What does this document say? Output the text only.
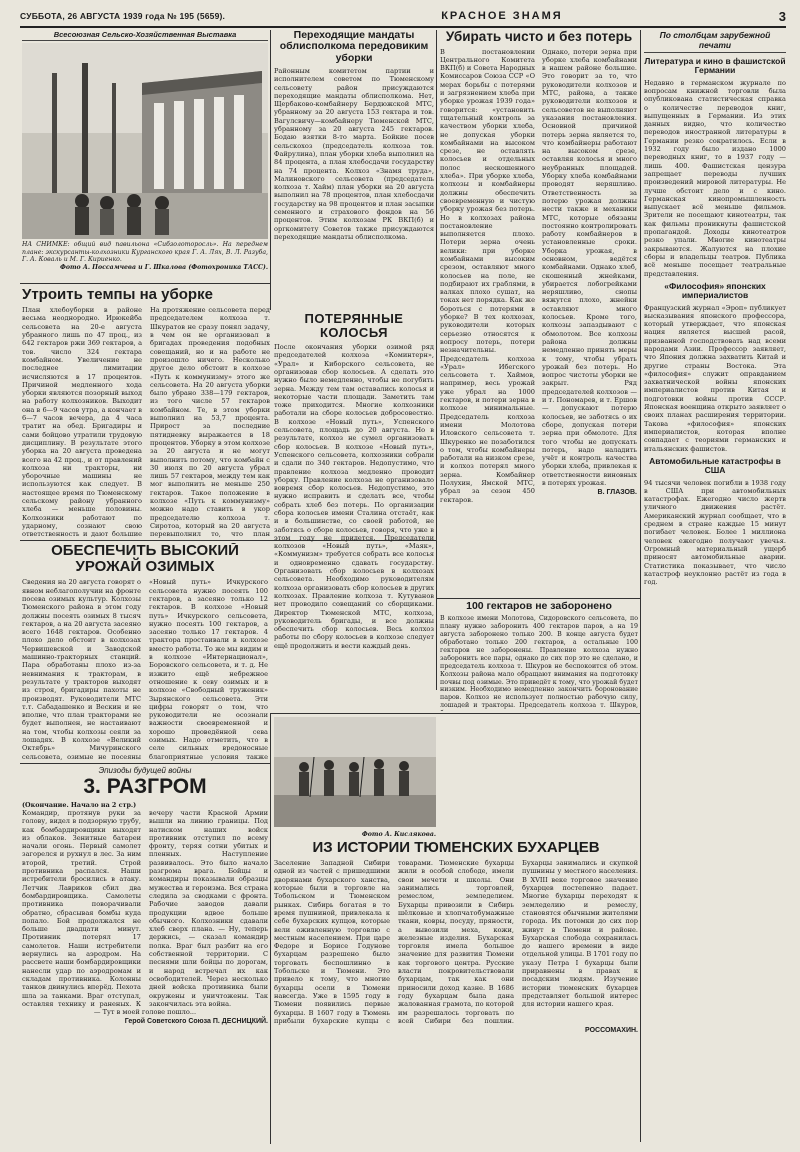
СУББОТА, 26 АВГУСТА 1939 года № 195 (5659).	КРАСНОЕ ЗНАМЯ	3
Всесоюзная Сельско-Хозяйственная Выставка
НА СНИМКЕ: общий вид павильона «Сибзолоторосль». На переднем плане: экскурсанты-колхозники Курганского края Г. А. Лях, В. Л. Разуба, Г. А. Коваль и М. Г. Кириенко.
Фото А. Поссамчева и Г. Шкалова (Фотохроника ТАСС).
Переходящие мандаты облисполкома передовиким уборки

Районным комитетом партии и исполнителем советом по Тюменскому сельсовету район присуждаются переходящие мандаты облисполкома. Нет, Щербаково-комбайнеру Бердюжской МТС, убранному за 20 августа 153 гектара и тов. Вагулсвичу—комбайнеру Тюменской МТС, убранному за 20 августа 245 гектаров. Бодаю взятки 8-то марта. Бойкие посев сельскохоз (председатель колхоза тов. Файрулина), план уборки хлеба выполнил на 84 процента, а план хлебосдачи государству на 74 процента. Колхоз «Знамя труда», Малиновского сельсовета (председатель колхоза т. Хайм) план уборки на 20 августа выполнил на 78 процентов, план хлебосдачи государству на 98 процентов и план засыпки семенного и страхового фондов на 56 процентов. Этим колхозам РК ВКП(б) и оргкомитету Советов также присуждаются переходящие мандаты облисполкома.

ПОТЕРЯННЫЕ КОЛОСЬЯ

После окончания уборки озимой ряд председателей колхоза «Коминтерн», «Урал» и Киборского сельсовета, не организовав сбор колосьев. А сделать это нужно было немедленно, чтобы не погубить зерна. Между тем там оставались колосья и некоторые части площади. Заметить там тоже приходится. Многие колхозники работали на сборе колосьев добросовестно. В колхозе «Новый путь», Успенского сельсовета, площадь до 20 августа. Но в результате, колхоз не сумел организовать сбор колосьев. В колхозе «Новый путь», Успенского сельсовета, колхозники собрали и сдали по 340 гектаров. Недопустимо, что правление колхоза медленно проводит уборку. Правление колхоза не организовало вовремя сбор колосьев. Недопустимо, это нужно исправить и сделать все, чтобы собрать хлеб без потерь. По организации сбора колосьев имени Сталина отстаёт, как и в большинстве, со своей работой, не заботясь о сборе колосьев, говоря, что уже в этом году не придется. Председатели колхозов «Новый путь», «Маяк», «Коммунизм» требуется собрать все колосья и одновременно сдавать государству. Организовать сбор колосьев в колхозах сельсовета. Необходимо руководителям колхоза организовать сбор колосьев в других колхозах. Правление колхоза т. Кутуванов нет проводило совещаний со сборщиками. Директор Тюменской МТС, колхоза, руководитель бригады, и все должны обеспечить сбор колосьев. Весь колхоз работы по сбору колосьев в колхозе следует ещё продолжить и вести каждый день.

Утроить темпы на уборке

План хлебоуборки в районе весьма неоднородно. Ирюкейба сельсовета на 20-е августа убранного лишь по 47 проц., из 642 гектаров ржи 369 гектаров, а тов. число 324 гектара комбайном. Увеличение не последнее лимитации исчисляются в 17 процентов. Причиной медленного хода уборки являются позорный выход на работу колхозников. Выходит она в 6—9 часов утра, а кончает в 6—7 часов вечера, да 4 часа тратит на обед. Бригадиры и сами бойцово утратили трудовую дисциплину. В результате этого уборка на 20 августа проведена всего на 42 проц., и от правлений колхоза ни тракторы, ни уборочные машины не используются как следует. В настоящее время по Тюменскому сельскому району убранного хлеба — меньше половины. Колхозники работают по ударному, сознают свою ответственность и дают большие

На протяжение сельсовета перед председателем колхоза т. Шкуратов не сразу понял задачу, в чем он не организовал в бригадах проведения подобных совещаний, но и на работе не произошло ничего. Несколько другое дело обстоит в колхозе «Путь к коммунизму» этого же сельсовета. На 20 августа уборки было убрано 338—179 гектаров, из того числе 57 гектаров комбайном. Те, в этом уборки выполнил на 53,7 процента. Прирост за последние пятидневку выражается в 18 процентов. Уборку в этом колхозе за 20 августа и не могут выполнить потому, что комбайн с 30 июля по 20 августа убрал лишь 57 гектаров, между тем как мог выполнить не меньше 250 гектаров. Такое положение в колхозе «Путь к коммунизму» можно надо ставить в укор председателю колхоза т. Сиротоа, который на 20 августа перевыполнил то, что план

ОБЕСПЕЧИТЬ ВЫСОКИЙ УРОЖАЙ ОЗИМЫХ

Сведения на 20 августа говорят о явном неблагополучии на фронте посева озимых культур. Колхозы Тюменского района в этом году должны посеять озимых 8 тысяч гектаров, а на 20 августа засеяно всего 1648 гектаров. Особенно плохо дело обстоит в колхозах Червишевской и Заводской машинно-тракторных станций. Пара обработаны плохо из-за невнимания к тракторам, в результате у тракторов выходят из строя, бригадиры пахоты не производят. Руководители МТС т.т. Сабадашенко и Вескин и не вполне, что план тракторами не будет выполнен, не настаивают на том, чтобы колхозы сеяли за лошадях. В колхозе «Великий Октябрь» Мичуринского сельсовета, озимые не посеяны «Новый путь» Ичкурского сельсовета нужно посеять 100 гектаров, а засеяно только 12 гектаров. В колхозе «Новый путь» Ичкурского сельсовета, нужно посеять 100 гектаров, а засеяно только 17 гектаров. 4 трактора простаивали в колхозе вместо работы. То же мы видим и в колхозе «Интернационал», Боровского сельсовета, и т. д. Не изжито ещё небрежное отношение к севу озимых и в колхозе «Свободный труженик» Зырянского сельсовета. Эти цифры говорят о том, что руководители не осознали важности своевременной и хорошо проведённой сева озимых. Надо отметить, что в селе сильных вредоносные благоприятные условия также

Убирать чисто и без потерь

В постановлении Центрального Комитета ВКП(б) и Совета Народных Комиссаров Союза ССР «О мерах борьбы с потерями и загрязнением хлеба при уборке урожая 1939 года» говорится: «установить тщательный контроль за качеством уборки хлеба, не допуская уборки комбайнами на высоком срезе, не оставлять колосьев и отдельных полос нескошенного хлеба». При уборке хлеба, колхозы и комбайнеры должны обеспечить своевременную и чистую уборку урожая без потерь. Но в колхозах района постановление выполняется плохо. Потери зерна очень велики: при уборке комбайнами высоким срезом, оставляют много колосьев на поле, не подбирают их граблями, в валках плохо сушат, на токах нет порядка. Как же бороться с потерями в уборке? В тех колхозах, руководители которых серьезно относятся к вопросу потерь, потери незначительны. Председатель колхоза «Урал» Ибегского сельсовета т. Хаймов, например, весь урожай уже убрал на 1000 гектаров, и потери зерна в колхозе минимальные. Председатель колхоза имени Молотова Иловского сельсовета т. Шкуренко не позаботился о том, чтобы комбайнеры работали на низком срезе, и колхоз потерял много зерна. Комбайнер Полухин, Ямской МТС, убрал за сезон 450 гектаров.

Однако, потери зерна при уборке хлеба комбайнами в нашем районе большие. Это говорит за то, что руководители колхозов и МТС, района, а также руководители колхозов и сельсоветов не выполняют указания постановления. Основной причиной потерь зерна является то, что комбайнеры работают на высоком срезе, оставляя колосья и много неубранных площадей. Уборку хлеба комбайнами проводят неряшливо. Ответственность за потерю урожая должны нести также и механики МТС, которые обязаны постоянно контролировать работу комбайнеров в установленные сроки. Уборка урожая, в основном, ведётся комбайнами. Однако хлеб, скошенный жнейками, убирается лобогрейками неряшливо, снопы вяжутся плохо, жнейки оставляют много колосьев. Кроме того, колхозы запаздывают с обмолотом. Все колхозы района должны немедленно принять меры к тому, чтобы убрать урожай без потерь. Но вопрос чистоты уборки не закрыт. Ряд председателей колхозов — и т. Пономарев, и т. Ершов — допускают потерю колосьев, не заботясь о их сборе, допуская потери зерна при обмолоте. Для того чтобы не допускать потерь, надо наладить учёт и контроль качества уборки хлеба, привлекая к ответственности виновных в потерях урожая.

В. ГЛАЗОВ.
100 гектаров не заборонено

В колхозе имени Молотова, Сидоровского сельсовета, по плану нужно заборонить 400 гектаров паров, а на 19 августа заборонено только 200. В конце августа будет обработано только 200 гектаров, а остальные 100 гектаров не заборонены. Правление колхоза нужно заборонить все пары, однако до сих пор это не сделано, и председатель колхоза т. Шкуров не беспокоится об этом. Колхозы района мало обращают внимания на подготовку почвы под озимые. Это приведёт к тому, что урожай будет низким. Необходимо немедленно закончить боронование паров. Колхоз не использует полностью рабочую силу, лошадей и тракторы. Председатель колхоза т. Шкуров,

Эпизоды будущей войны
3. РАЗГРОМ
(Окончание. Начало на 2 стр.)

Командир, протянув руки за голову, видел в подзорную трубу, как бомбардировщики выходят из облаков. Зенитные батареи начали огонь. Первый самолет загорелся и рухнул в лес. За ним второй, третий. Строй противника распался. Наши истребители бросились в атаку. Летчик Лавриков сбил два бомбардировщика. Самолеты противника поворачивали обратно, сбрасывая бомбы куда попало. Бой продолжался не больше двадцати минут. Противник потерял 17 самолетов. Наши истребители вернулись на аэродром. На рассвете наши бомбардировщики нанесли удар по аэродромам и складам противника. Колонны танков двинулись вперёд. Пехота шла за танками. Враг отступал, оставляя технику и раненых. К вечеру части Красной Армии вышли на линию границы. Под натиском наших войск противник отступил по всему фронту, теряя сотни убитых и пленных. Наступление развивалось. Это было начало разгрома врага. Бойцы и командиры показывали образцы мужества и героизма. Вся страна следила за сводками с фронта. Рабочие заводов давали продукции вдвое больше обычного. Колхозники сдавали хлеб сверх плана. — Ну, теперь держись, — сказал командир полка. Враг был разбит на его собственной территории. С песнями шли бойцы по дорогам, и народ встречал их как освободителей. Через несколько дней войска противника были окружены и уничтожены. Так закончилась эта война.

— Тут в моей голове пошло...
Герой Советского Союза П. ДЕСНИЦКИЙ.
Фото А. Кислякова.
ИЗ ИСТОРИИ ТЮМЕНСКИХ БУХАРЦЕВ

Заселение Западной Сибири одной из частей с пришедшими дворянами бухарского ханства, которые были в торговле на Тобольском и Тюменском рынках. Сибирь богатая в то время пушниной, привлекала к себе бухарских купцов, которые вели оживленную торговлю с местным населением. При царе Федоре и Борисе Годунове бухарцам разрешено было торговать беспошлинно в Тобольске и Тюмени. Это привело к тому, что многие бухарцы осели в Тюмени навсегда. Уже в 1595 году в Тюмени появились первые бухарцы. В 1607 году в Тюмень прибыли бухарские купцы с товарами. Тюменские бухарцы жили в особой слободе, имели свои мечети и школы. Они занимались торговлей, ремеслом, земледелием. Бухарцы привозили в Сибирь шёлковые и хлопчатобумажные ткани, ковры, посуду, пряности, а вывозили меха, кожи, железные изделия. Бухарская торговля имела большое значение для развития Тюмени как торгового центра. Русские власти покровительствовали бухарцам, так как они приносили доход казне. В 1686 году бухарцам была дана жалованная грамота, по которой им разрешалось торговать по всей Сибири без пошлин. Бухарцы занимались и скупкой пушнины у местного населения. В XVIII веке торговое значение бухарцев постепенно падает. Многие бухарцы переходят к земледелию и ремеслу, становятся обычными жителями города. Их потомки до сих пор живут в Тюмени и районе. Бухарская слобода сохранилась до нашего времени в виде отдельной улицы. В 1701 году по указу Петра I бухарцы были приравнены в правах к посадским людям. Изучение истории тюменских бухарцев представляет большой интерес для истории нашего края.

РОССОМАХИН.
По столбцам зарубежной печати
Литература и кино в фашистской Германии

Недавно в германском журнале по вопросам книжной торговли была опубликована статистическая справка о количестве переводов книг, выпущенных в Германии. Из этих данных видно, что количество переводов иностранной литературы в Германии резко сократилось. Если в 1932 году было издано 1000 переводных книг, то в 1937 году — лишь 400. Фашистская цензура запрещает переводы лучших произведений мировой литературы. Не лучше обстоит дело и с кино. Германская кинопромышленность выпускает всё меньше фильмов. Зрители не посещают кинотеатры, так как фильмы проникнуты фашистской пропагандой. Доходы кинотеатров резко упали. Многие кинотеатры закрываются. Жалуются на плохие сборы и владельцы театров. Публика всё меньше посещает театральные представления.

«Философия» японских империалистов

Французский журнал «Эроп» публикует высказывания японского профессора, который утверждает, что японская нация является высшей расой, призванной господствовать над всеми народами Азии. Профессор заявляет, что Япония должна захватить Китай и другие страны Востока. Эта «философия» служит оправданием захватнической войны японских империалистов против Китая и подготовки войны против СССР. Японская военщина открыто заявляет о своих планах расширения территории. Такова «философия» японских империалистов, которая вполне совпадает с теориями германских и итальянских фашистов.

Автомобильные катастрофы в США

94 тысячи человек погибли в 1938 году в США при автомобильных катастрофах. Ежегодно число жертв уличного движения растёт. Американский журнал сообщает, что в среднем в стране каждые 15 минут погибает человек. Более 1 миллиона человек ежегодно получают увечья. Огромный материальный ущерб приносят автомобильные аварии. Статистика показывает, что число катастроф неуклонно растёт из года в год.
